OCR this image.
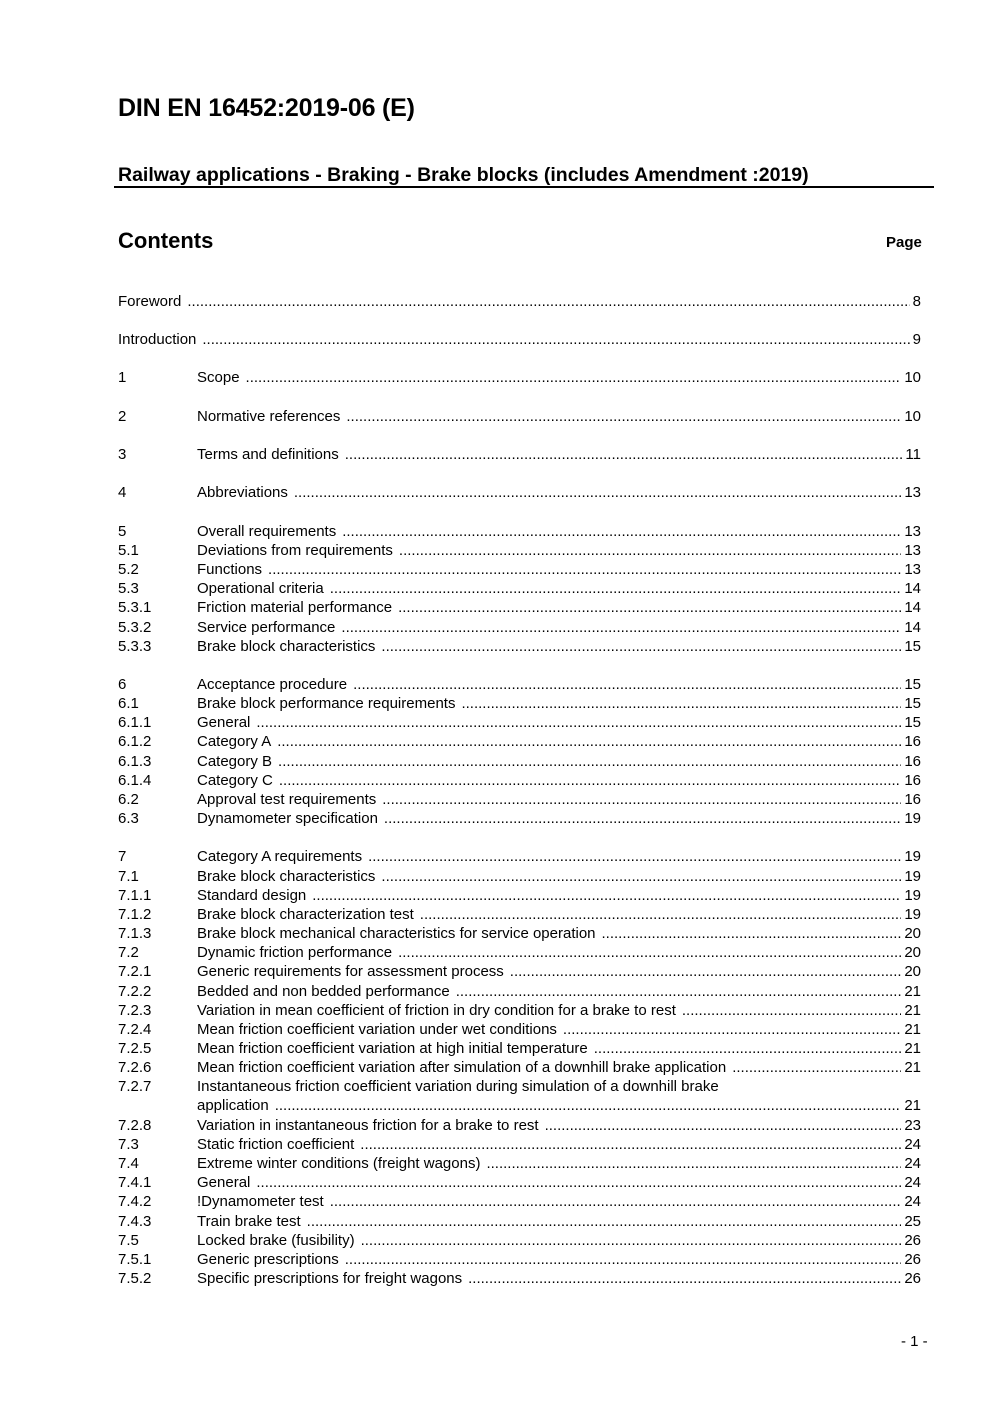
DIN EN 16452:2019-06 (E)
Railway applications - Braking - Brake blocks (includes Amendment :2019)
Contents	Page
Foreword .....	8
Introduction .....	9
1	Scope .....	10
2	Normative references .....	10
3	Terms and definitions .....	11
4	Abbreviations .....	13
5	Overall requirements .....	13
5.1	Deviations from requirements .....	13
5.2	Functions .....	13
5.3	Operational criteria .....	14
5.3.1	Friction material performance .....	14
5.3.2	Service performance .....	14
5.3.3	Brake block characteristics .....	15
6	Acceptance procedure .....	15
6.1	Brake block performance requirements .....	15
6.1.1	General .....	15
6.1.2	Category A .....	16
6.1.3	Category B .....	16
6.1.4	Category C .....	16
6.2	Approval test requirements .....	16
6.3	Dynamometer specification .....	19
7	Category A requirements .....	19
7.1	Brake block characteristics .....	19
7.1.1	Standard design .....	19
7.1.2	Brake block characterization test .....	19
7.1.3	Brake block mechanical characteristics for service operation .....	20
7.2	Dynamic friction performance .....	20
7.2.1	Generic requirements for assessment process .....	20
7.2.2	Bedded and non bedded performance .....	21
7.2.3	Variation in mean coefficient of friction in dry condition for a brake to rest .....	21
7.2.4	Mean friction coefficient variation under wet conditions .....	21
7.2.5	Mean friction coefficient variation at high initial temperature .....	21
7.2.6	Mean friction coefficient variation after simulation of a downhill brake application .....	21
7.2.7	Instantaneous friction coefficient variation during simulation of a downhill brake
application .....	21
7.2.8	Variation in instantaneous friction for a brake to rest .....	23
7.3	Static friction coefficient .....	24
7.4	Extreme winter conditions (freight wagons) .....	24
7.4.1	General .....	24
7.4.2	!Dynamometer test .....	24
7.4.3	Train brake test .....	25
7.5	Locked brake (fusibility) .....	26
7.5.1	Generic prescriptions .....	26
7.5.2	Specific prescriptions for freight wagons .....	26
- 1 -
